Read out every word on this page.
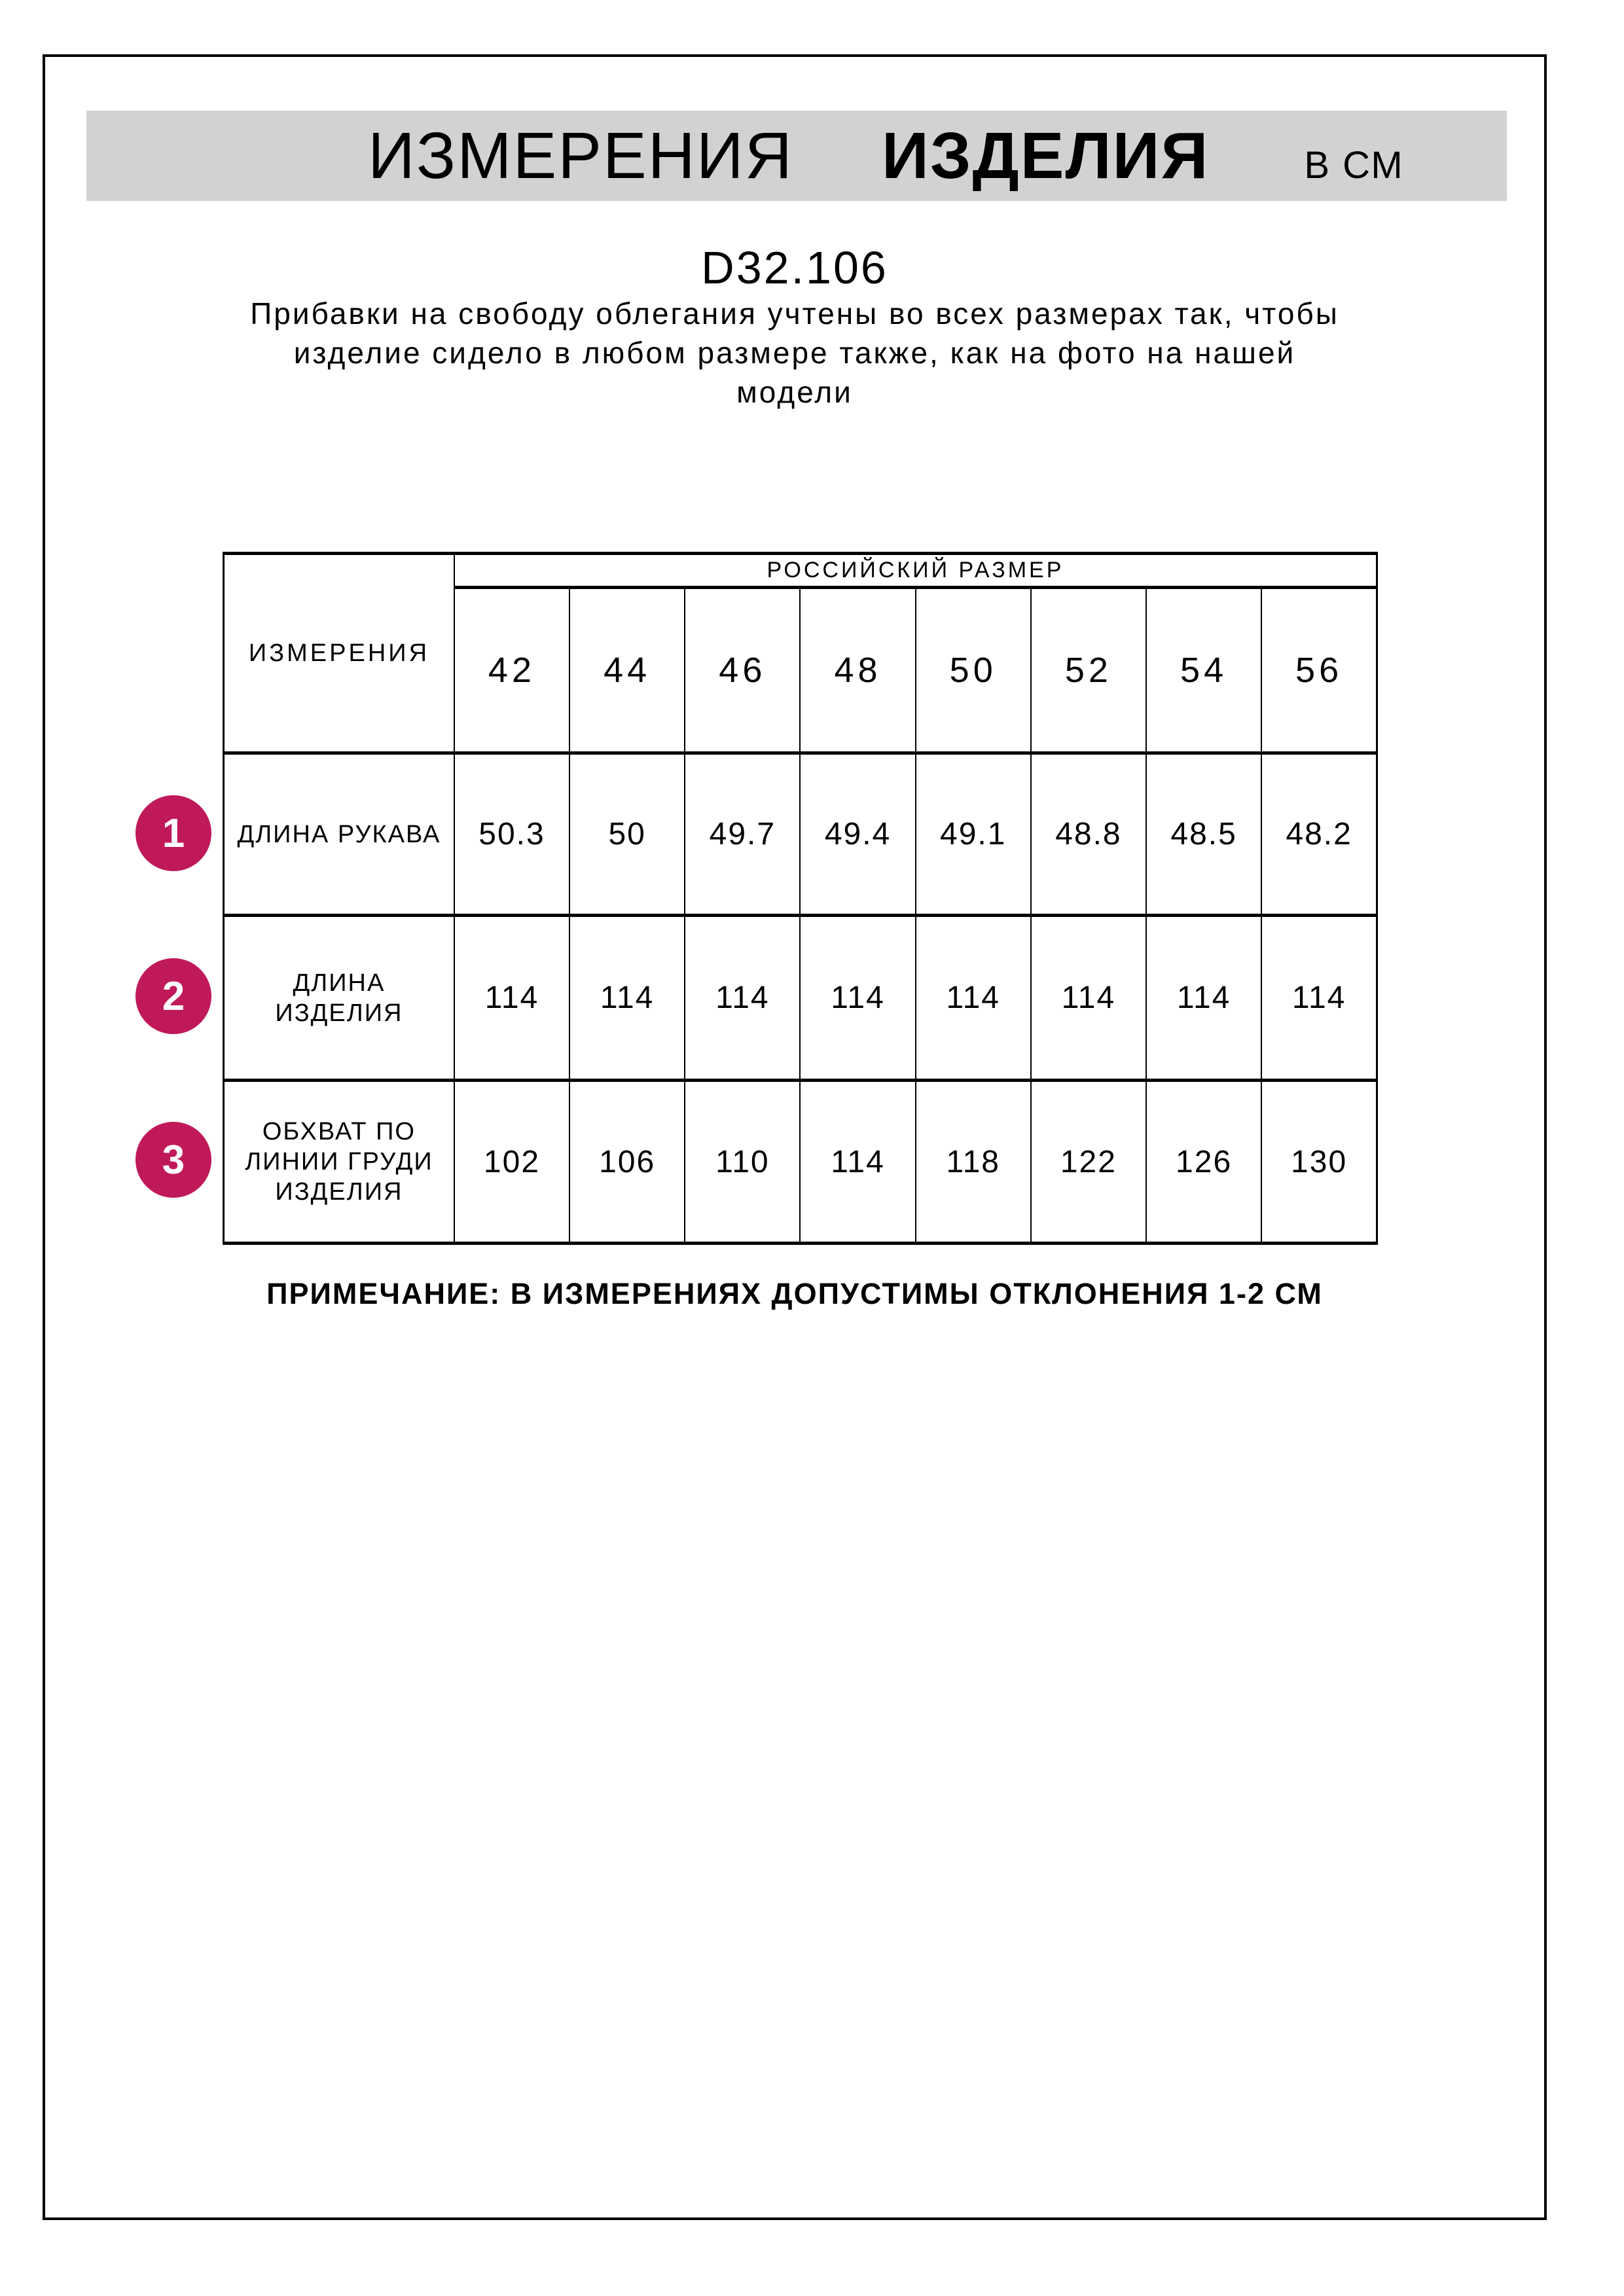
ИЗМЕРЕНИЯ ИЗДЕЛИЯ	В СМ
D32.106
Прибавки на свободу облегания учтены во всех размерах так, чтобы
изделие сидело в любом размере также, как на фото на нашей
модели
ИЗМЕРЕНИЯ	РОССИЙСКИЙ РАЗМЕР							
	42	44	46	48	50	52	54	56

ДЛИНА РУКАВА	50.3	50	49.7	49.4	49.1	48.8	48.5	48.2

ДЛИНА
ИЗДЕЛИЯ	114	114	114	114	114	114	114	114

ОБХВАТ ПО
ЛИНИИ ГРУДИ
ИЗДЕЛИЯ	102	106	110	114	118	122	126	130
1
2
3
ПРИМЕЧАНИЕ: В ИЗМЕРЕНИЯХ ДОПУСТИМЫ ОТКЛОНЕНИЯ 1-2 СМ
